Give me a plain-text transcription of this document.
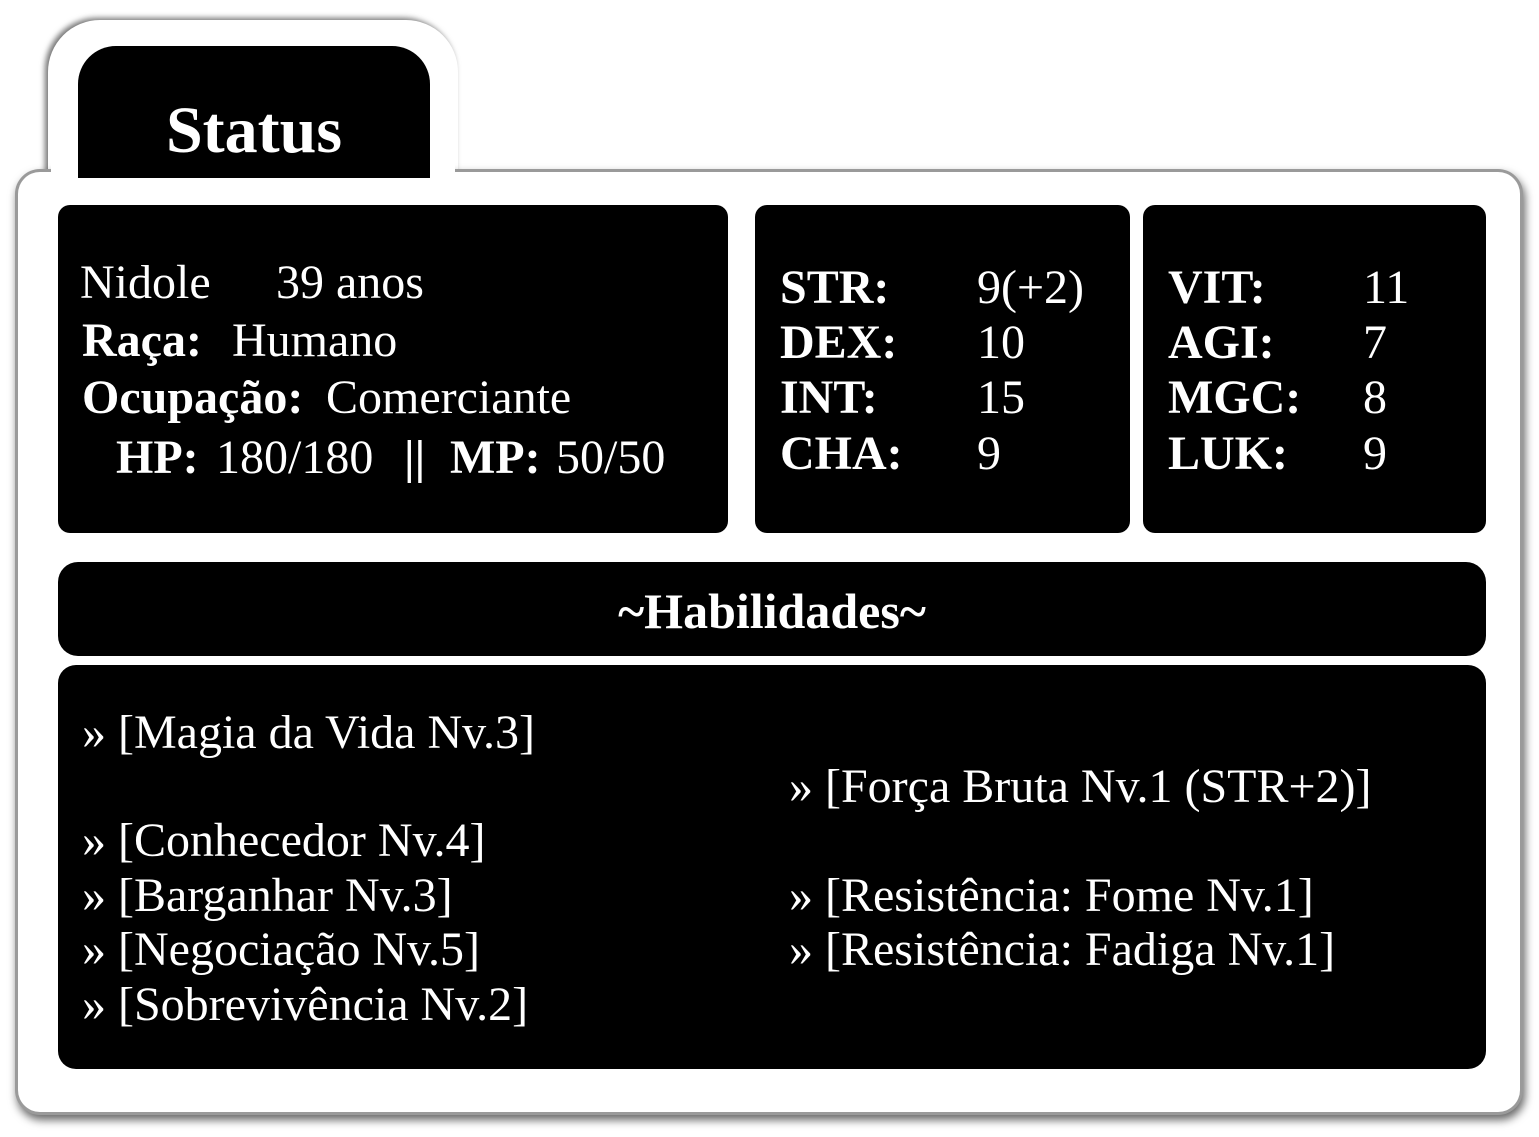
Status
Nidole 39 anos
Raça: Humano
Ocupação: Comerciante
HP: 180/180 || MP: 50/50
STR: 9(+2)
DEX: 10
INT: 15
CHA: 9
VIT: 11
AGI: 7
MGC: 8
LUK: 9
~Habilidades~
» [Magia da Vida Nv.3]
» [Conhecedor Nv.4]
» [Barganhar Nv.3]
» [Negociação Nv.5]
» [Sobrevivência Nv.2]
» [Força Bruta Nv.1 (STR+2)]
» [Resistência: Fome Nv.1]
» [Resistência: Fadiga Nv.1]
